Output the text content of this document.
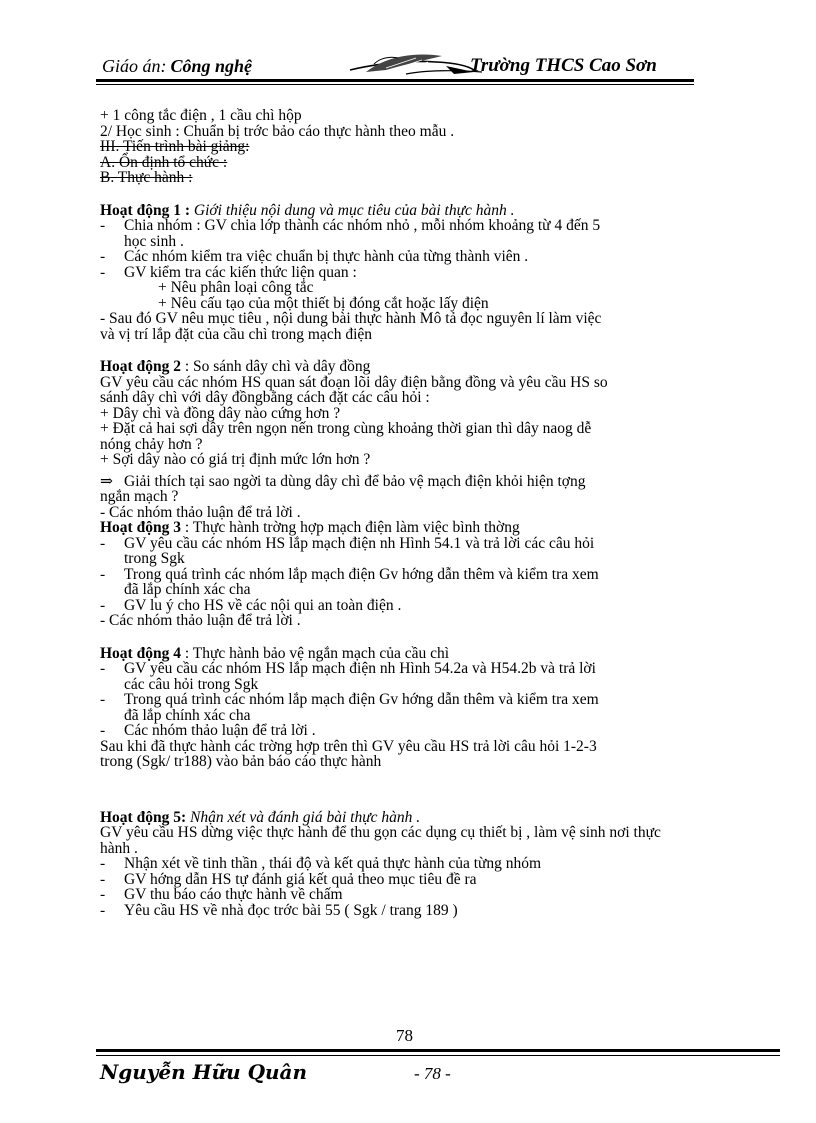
Giáo án: Công nghệ	Trường THCS Cao Sơn
+ 1 công tắc điện , 1 cầu chì hộp
2/ Học sinh : Chuẩn bị trớc bảo cáo thực hành theo mẫu .
III. Tiến trình bài giảng:
A. Ổn định tổ chức :
B. Thực hành :
Hoạt động 1 : Giới thiệu nội dung và mục tiêu của bài thực hành .
- Chia nhóm : GV chia lớp thành các nhóm nhỏ , mỗi nhóm khoảng từ 4 đến 5
học sinh .
- Các nhóm kiểm tra việc chuẩn bị thực hành của từng thành viên .
- GV kiểm tra các kiến thức liện quan :
+ Nêu phân loại công tắc
+ Nêu cấu tạo của một thiết bị đóng cắt hoặc lấy điện
- Sau đó GV nêu mục tiêu , nội dung bài thực hành Mô tả đọc nguyên lí làm việc
và vị trí lắp đặt của cầu chì trong mạch điện
Hoạt động 2 : So sánh dây chì và dây đồng
GV yêu cầu các nhóm HS quan sát đoạn lõi dây điện bằng đồng và yêu cầu HS so
sánh dây chì với dây đồngbằng cách đặt các câu hỏi :
+ Dây chì và đồng dây nào cứng hơn ?
+ Đặt cả hai sợi dây trên ngọn nến trong cùng khoảng thời gian thì dây naog dễ
nóng chảy hơn ?
+ Sợi dây nào có giá trị định mức lớn hơn ?
⇒ Giải thích tại sao ngời ta dùng dây chì để bảo vệ mạch điện khỏi hiện tợng
ngắn mạch ?
- Các nhóm thảo luận để trả lời .
Hoạt động 3 : Thực hành trờng hợp mạch điện làm việc bình thờng
- GV yêu cầu các nhóm HS lắp mạch điện nh Hình 54.1 và trả lời các câu hỏi
trong Sgk
- Trong quá trình các nhóm lắp mạch điện Gv hớng dẫn thêm và kiểm tra xem
đã lắp chính xác cha
- GV lu ý cho HS về các nội qui an toàn điện .
- Các nhóm thảo luận để trả lời .
Hoạt động 4 : Thực hành bảo vệ ngắn mạch của cầu chì
- GV yêu cầu các nhóm HS lắp mạch điện nh Hình 54.2a và H54.2b và trả lời
các câu hỏi trong Sgk
- Trong quá trình các nhóm lắp mạch điện Gv hớng dẫn thêm và kiểm tra xem
đã lắp chính xác cha
- Các nhóm thảo luận để trả lời .
Sau khi đã thực hành các trờng hợp trên thì GV yêu cầu HS trả lời câu hỏi 1-2-3
trong (Sgk/ tr188) vào bản báo cáo thực hành
Hoạt động 5: Nhận xét và đánh giá bài thực hành .
GV yêu cầu HS dừng việc thực hành để thu gọn các dụng cụ thiết bị , làm vệ sinh nơi thực
hành .
- Nhận xét về tinh thần , thái độ và kết quả thực hành của từng nhóm
- GV hớng dẫn HS tự đánh giá kết quả theo mục tiêu đề ra
- GV thu báo cáo thực hành về chấm
- Yêu cầu HS về nhà đọc trớc bài 55 ( Sgk / trang 189 )
78
Nguyễn Hữu Quân	- 78 -
